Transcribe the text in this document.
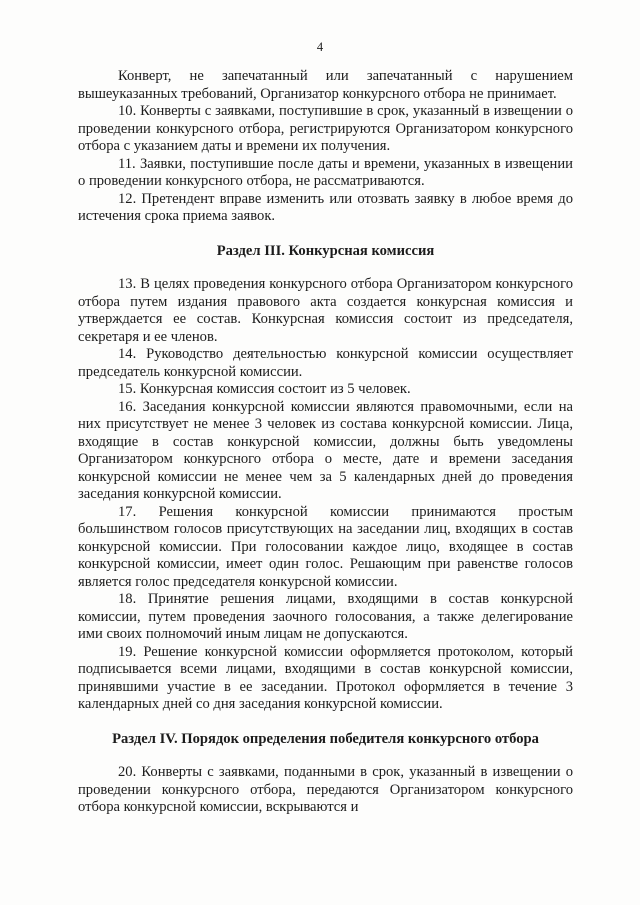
4

Конверт, не запечатанный или запечатанный с нарушением вышеуказанных требований, Организатор конкурсного отбора не принимает.

10. Конверты с заявками, поступившие в срок, указанный в извещении о проведении конкурсного отбора, регистрируются Организатором конкурсного отбора с указанием даты и времени их получения.

11. Заявки, поступившие после даты и времени, указанных в извещении о проведении конкурсного отбора, не рассматриваются.

12. Претендент вправе изменить или отозвать заявку в любое время до истечения срока приема заявок.

Раздел III. Конкурсная комиссия

13. В целях проведения конкурсного отбора Организатором конкурсного отбора путем издания правового акта создается конкурсная комиссия и утверждается ее состав. Конкурсная комиссия состоит из председателя, секретаря и ее членов.

14. Руководство деятельностью конкурсной комиссии осуществляет председатель конкурсной комиссии.

15. Конкурсная комиссия состоит из 5 человек.

16. Заседания конкурсной комиссии являются правомочными, если на них присутствует не менее 3 человек из состава конкурсной комиссии. Лица, входящие в состав конкурсной комиссии, должны быть уведомлены Организатором конкурсного отбора о месте, дате и времени заседания конкурсной комиссии не менее чем за 5 календарных дней до проведения заседания конкурсной комиссии.

17. Решения конкурсной комиссии принимаются простым большинством голосов присутствующих на заседании лиц, входящих в состав конкурсной комиссии. При голосовании каждое лицо, входящее в состав конкурсной комиссии, имеет один голос. Решающим при равенстве голосов является голос председателя конкурсной комиссии.

18. Принятие решения лицами, входящими в состав конкурсной комиссии, путем проведения заочного голосования, а также делегирование ими своих полномочий иным лицам не допускаются.

19. Решение конкурсной комиссии оформляется протоколом, который подписывается всеми лицами, входящими в состав конкурсной комиссии, принявшими участие в ее заседании. Протокол оформляется в течение 3 календарных дней со дня заседания конкурсной комиссии.

Раздел IV. Порядок определения победителя конкурсного отбора

20. Конверты с заявками, поданными в срок, указанный в извещении о проведении конкурсного отбора, передаются Организатором конкурсного отбора конкурсной комиссии, вскрываются и
